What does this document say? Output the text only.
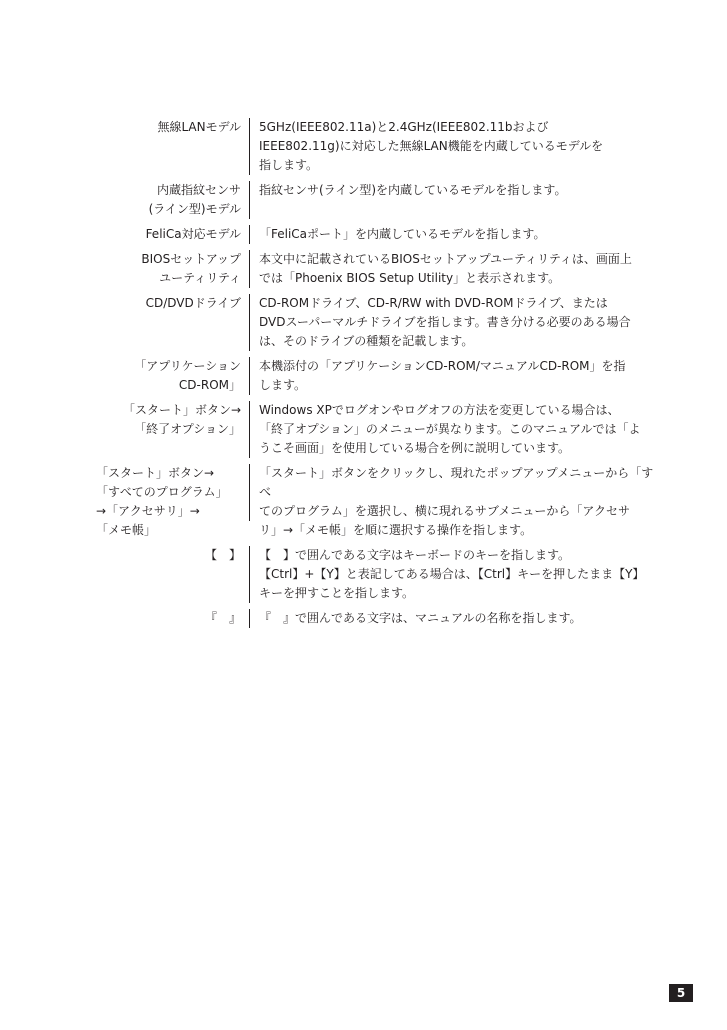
無線LANモデル 5GHz(IEEE802.11a)と2.4GHz(IEEE802.11bおよび

IEEE802.11g)に対応した無線LAN機能を内蔵しているモデルを

指します。

内蔵指紋センサ
(ライン型)モデル

指紋センサ(ライン型)を内蔵しているモデルを指します。

FeliCa対応モデル 「FeliCaポート」を内蔵しているモデルを指します。

BIOSセットアップ
ユーティリティ

本文中に記載されているBIOSセットアップユーティリティは、画面上

では「Phoenix BIOS Setup Utility」と表示されます。

CD/DVDドライブ CD-ROMドライブ、CD-R/RW with DVD-ROMドライブ、または

DVDスーパーマルチドライブを指します。書き分ける必要のある場合

は、そのドライブの種類を記載します。

「アプリケーション
CD-ROM」

本機添付の「アプリケーションCD-ROM/マニュアルCD-ROM」を指

します。

「スタート」ボタン→
「終了オプション」

Windows XPでログオンやログオフの方法を変更している場合は、

「終了オプション」のメニューが異なります。このマニュアルでは「よ

うこそ画面」を使用している場合を例に説明しています。

「スタート」ボタン→
「すべてのプログラム」
→「アクセサリ」→
「メモ帳」

「スタート」ボタンをクリックし、現れたポップアップメニューから「すべ

てのプログラム」を選択し、横に現れるサブメニューから「アクセサ

リ」→「メモ帳」を順に選択する操作を指します。

【　】 【　】で囲んである文字はキーボードのキーを指します。

【Ctrl】+【Y】と表記してある場合は、【Ctrl】キーを押したまま【Y】

キーを押すことを指します。

『　』 『　』で囲んである文字は、マニュアルの名称を指します。

5
